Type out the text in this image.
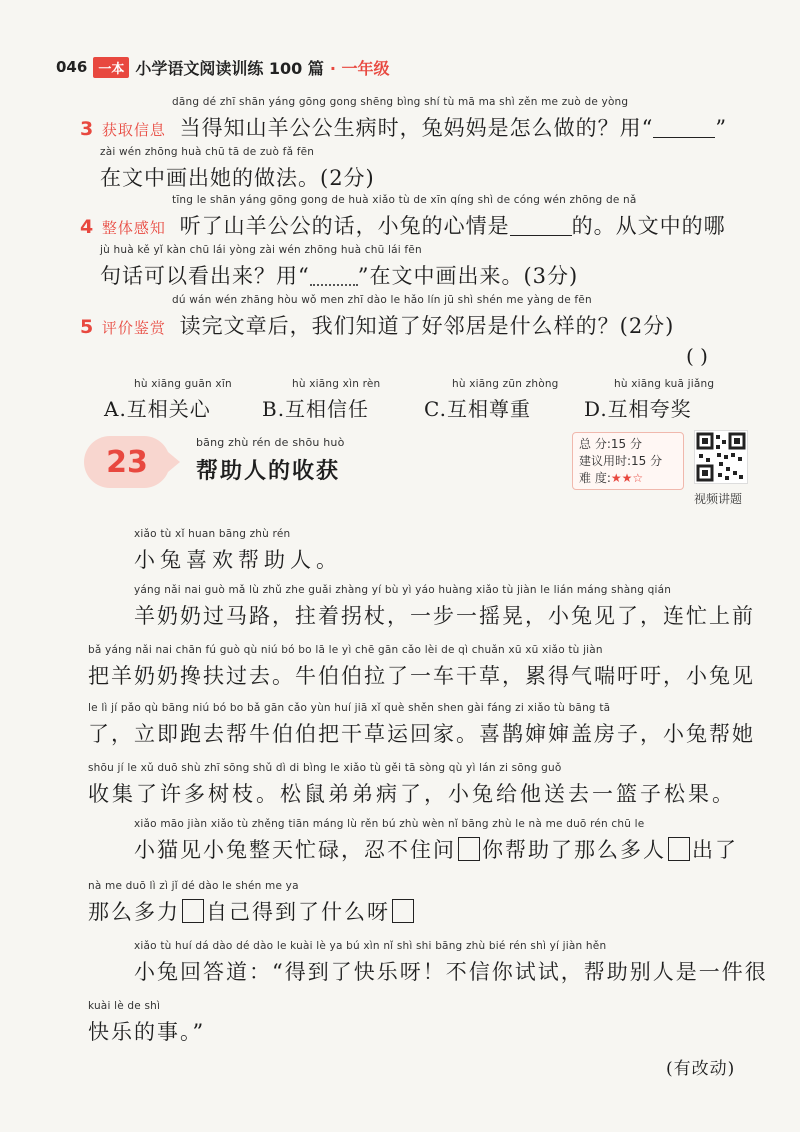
046 一本 小学语文阅读训练 100 篇 · 一年级
dāng dé zhī shān yáng gōng gong shēng bìng shí tù mā ma shì zěn me zuò de yòng
3 获取信息 当得知山羊公公生病时，兔妈妈是怎么做的？用“	”
zài wén zhōng huà chū tā de zuò fǎ fēn
在文中画出她的做法。(2分)
tīng le shān yáng gōng gong de huà xiǎo tù de xīn qíng shì de cóng wén zhōng de nǎ
4 整体感知 听了山羊公公的话，小兔的心情是	的。从文中的哪
jù huà kě yǐ kàn chū lái yòng zài wén zhōng huà chū lái fēn
句话可以看出来？用“ ”在文中画出来。(3分)
dú wán wén zhāng hòu wǒ men zhī dào le hǎo lín jū shì shén me yàng de fēn
5 评价鉴赏 读完文章后，我们知道了好邻居是什么样的？(2分)
( )
hù xiāng guān xīn
A.互相关心
hù xiāng xìn rèn
B.互相信任
hù xiāng zūn zhòng
C.互相尊重
hù xiāng kuā jiǎng
D.互相夸奖
23
bāng zhù rén de shōu huò
帮助人的收获
总 分:15 分
建议用时:15 分
难 度:★★☆
视频讲题
xiǎo tù xǐ huan bāng zhù rén
小兔喜欢帮助人。
yáng nǎi nai guò mǎ lù zhǔ zhe guǎi zhàng yí bù yì yáo huàng xiǎo tù jiàn le lián máng shàng qián
羊奶奶过马路，拄着拐杖，一步一摇晃，小兔见了，连忙上前
bǎ yáng nǎi nai chān fú guò qù niú bó bo lā le yì chē gān cǎo lèi de qì chuǎn xū xū xiǎo tù jiàn
把羊奶奶搀扶过去。牛伯伯拉了一车干草，累得气喘吁吁，小兔见
le lì jí pǎo qù bāng niú bó bo bǎ gān cǎo yùn huí jiā xǐ què shěn shen gài fáng zi xiǎo tù bāng tā
了，立即跑去帮牛伯伯把干草运回家。喜鹊婶婶盖房子，小兔帮她
shōu jí le xǔ duō shù zhī sōng shǔ dì di bìng le xiǎo tù gěi tā sòng qù yì lán zi sōng guǒ
收集了许多树枝。松鼠弟弟病了，小兔给他送去一篮子松果。
xiǎo māo jiàn xiǎo tù zhěng tiān máng lù rěn bú zhù wèn nǐ bāng zhù le nà me duō rén chū le
小猫见小兔整天忙碌，忍不住问 你帮助了那么多人 出了
nà me duō lì zì jǐ dé dào le shén me ya
那么多力 自己得到了什么呀
xiǎo tù huí dá dào dé dào le kuài lè ya bú xìn nǐ shì shi bāng zhù bié rén shì yí jiàn hěn
小兔回答道：“得到了快乐呀！不信你试试，帮助别人是一件很
kuài lè de shì
快乐的事。”
(有改动)
